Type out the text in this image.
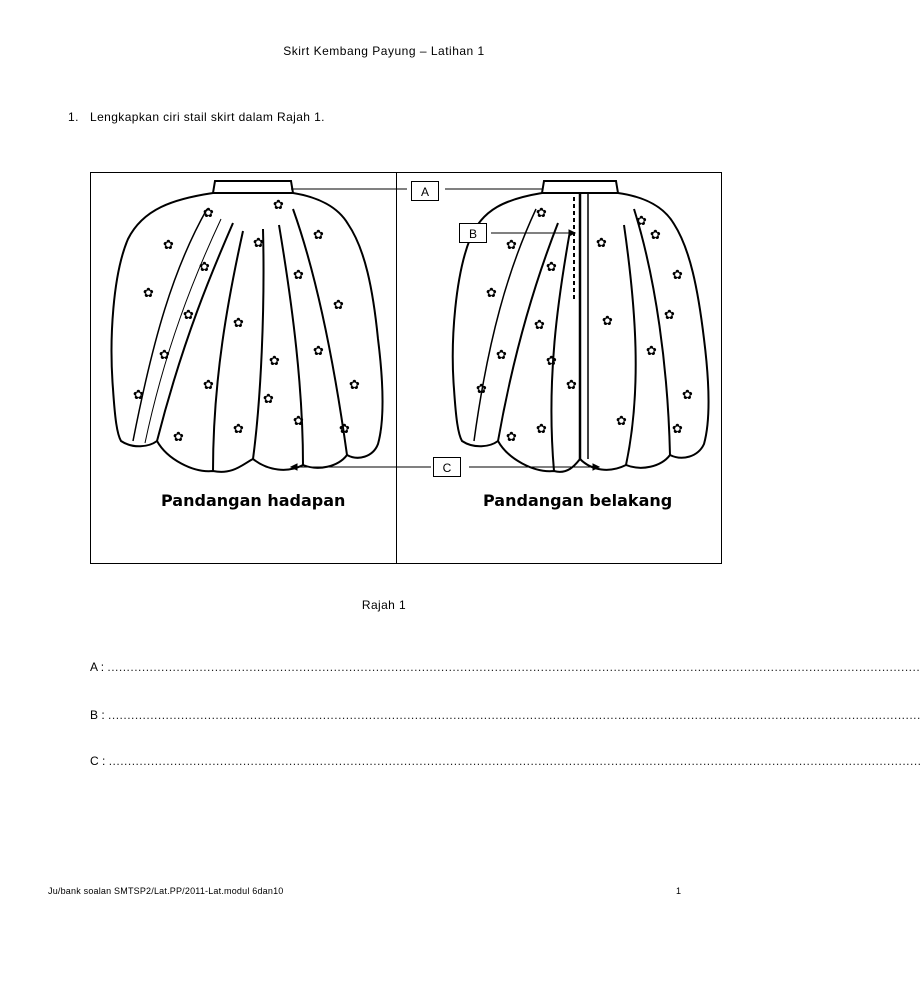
Skirt Kembang Payung – Latihan 1
1. Lengkapkan ciri stail skirt dalam Rajah 1.
✿
✿
✿	✿
✿
✿
✿
✿
✿
✿
✿
✿	✿
✿
✿	✿
✿
✿
✿
✿
✿
✿
✿
✿
✿	✿
✿
✿
✿
✿
✿	✿	✿
✿	✿
✿
✿
✿
✿
✿
✿
✿
✿
A
B
C
Pandangan hadapan	Pandangan belakang
Rajah 1
A : ....................................................................................................................................................................................................................
B : ....................................................................................................................................................................................................................
C : ....................................................................................................................................................................................................................
Ju/bank soalan SMTSP2/Lat.PP/2011-Lat.modul 6dan10	1
